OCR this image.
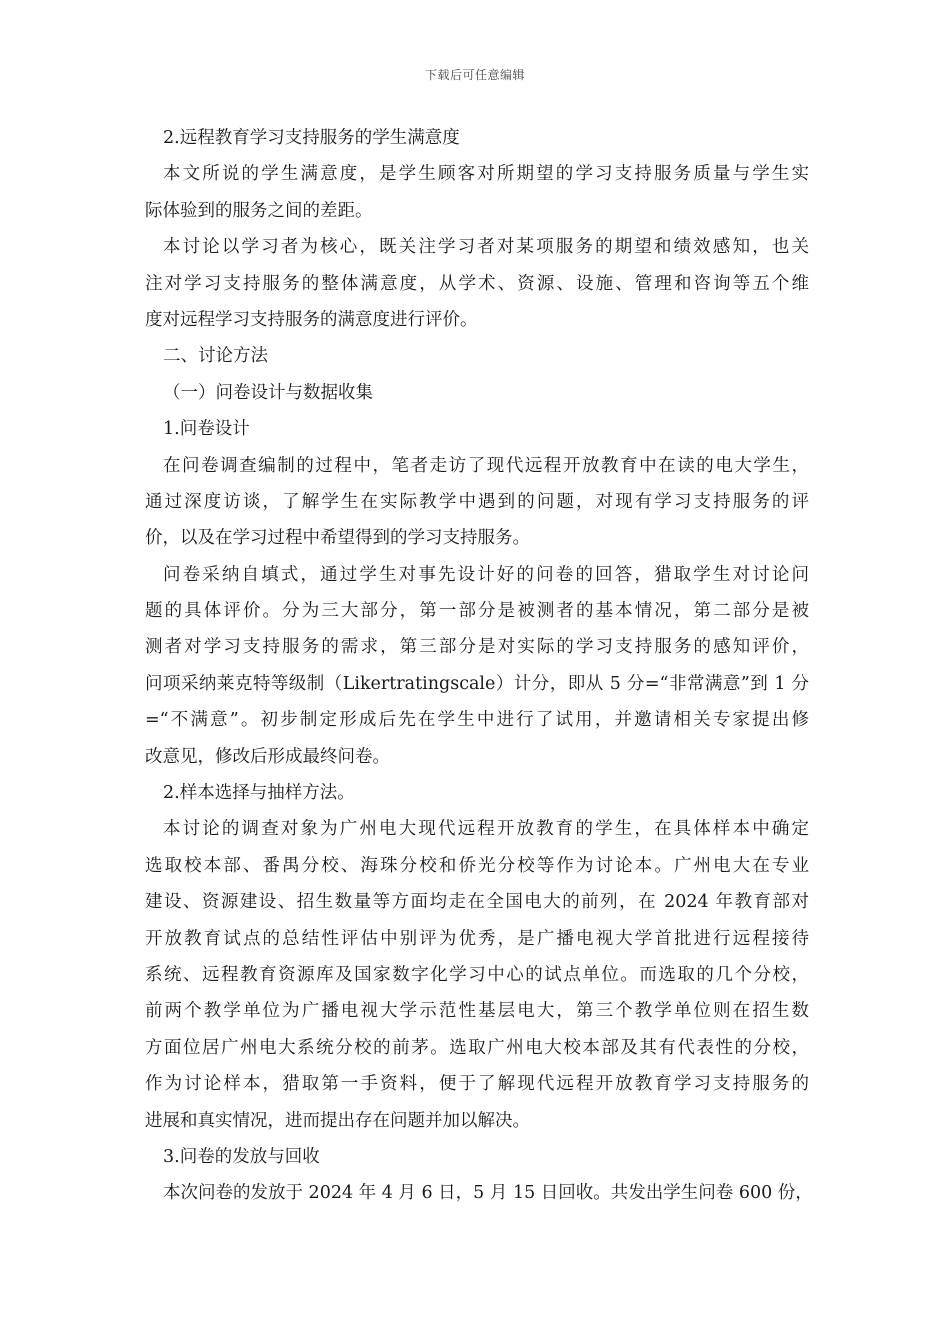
下载后可任意编辑
2.远程教育学习支持服务的学生满意度
本文所说的学生满意度，是学生顾客对所期望的学习支持服务质量与学生实
际体验到的服务之间的差距。
本讨论以学习者为核心，既关注学习者对某项服务的期望和绩效感知，也关
注对学习支持服务的整体满意度，从学术、资源、设施、管理和咨询等五个维
度对远程学习支持服务的满意度进行评价。
二、讨论方法
（一）问卷设计与数据收集
1.问卷设计
在问卷调查编制的过程中，笔者走访了现代远程开放教育中在读的电大学生，
通过深度访谈，了解学生在实际教学中遇到的问题，对现有学习支持服务的评
价，以及在学习过程中希望得到的学习支持服务。
问卷采纳自填式，通过学生对事先设计好的问卷的回答，猎取学生对讨论问
题的具体评价。分为三大部分，第一部分是被测者的基本情况，第二部分是被
测者对学习支持服务的需求，第三部分是对实际的学习支持服务的感知评价，
问项采纳莱克特等级制（Likertratingscale）计分，即从 5 分=“非常满意”到 1 分
=“不满意”。初步制定形成后先在学生中进行了试用，并邀请相关专家提出修
改意见，修改后形成最终问卷。
2.样本选择与抽样方法。
本讨论的调查对象为广州电大现代远程开放教育的学生，在具体样本中确定
选取校本部、番禺分校、海珠分校和侨光分校等作为讨论本。广州电大在专业
建设、资源建设、招生数量等方面均走在全国电大的前列，在 2024 年教育部对
开放教育试点的总结性评估中别评为优秀，是广播电视大学首批进行远程接待
系统、远程教育资源库及国家数字化学习中心的试点单位。而选取的几个分校，
前两个教学单位为广播电视大学示范性基层电大，第三个教学单位则在招生数
方面位居广州电大系统分校的前茅。选取广州电大校本部及其有代表性的分校，
作为讨论样本，猎取第一手资料，便于了解现代远程开放教育学习支持服务的
进展和真实情况，进而提出存在问题并加以解决。
3.问卷的发放与回收
本次问卷的发放于 2024 年 4 月 6 日，5 月 15 日回收。共发出学生问卷 600 份，
